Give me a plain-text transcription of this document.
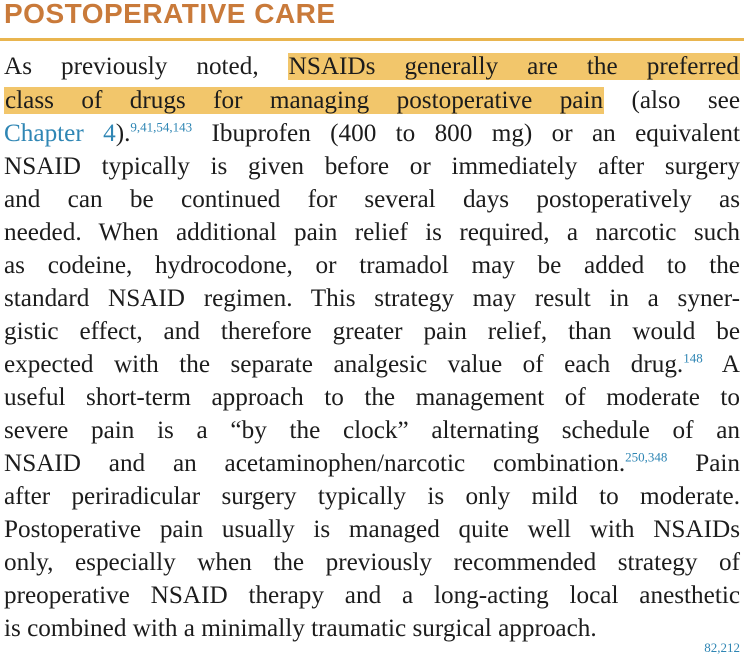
POSTOPERATIVE CARE
As previously noted, NSAIDs generally are the preferred
class of drugs for managing postoperative pain (also see
Chapter 4).$^{9,41,54,143}$ Ibuprofen (400 to 800 mg) or an equivalent
NSAID typically is given before or immediately after surgery
and can be continued for several days postoperatively as
needed. When additional pain relief is required, a narcotic such
as codeine, hydrocodone, or tramadol may be added to the
standard NSAID regimen. This strategy may result in a syner-
gistic effect, and therefore greater pain relief, than would be
expected with the separate analgesic value of each drug.$^{148}$ A
useful short-term approach to the management of moderate to
severe pain is a “by the clock” alternating schedule of an
NSAID and an acetaminophen/narcotic combination.$^{250,348}$ Pain
after periradicular surgery typically is only mild to moderate.
Postoperative pain usually is managed quite well with NSAIDs
only, especially when the previously recommended strategy of
preoperative NSAID therapy and a long-acting local anesthetic
is combined with a minimally traumatic surgical approach.
82,212
